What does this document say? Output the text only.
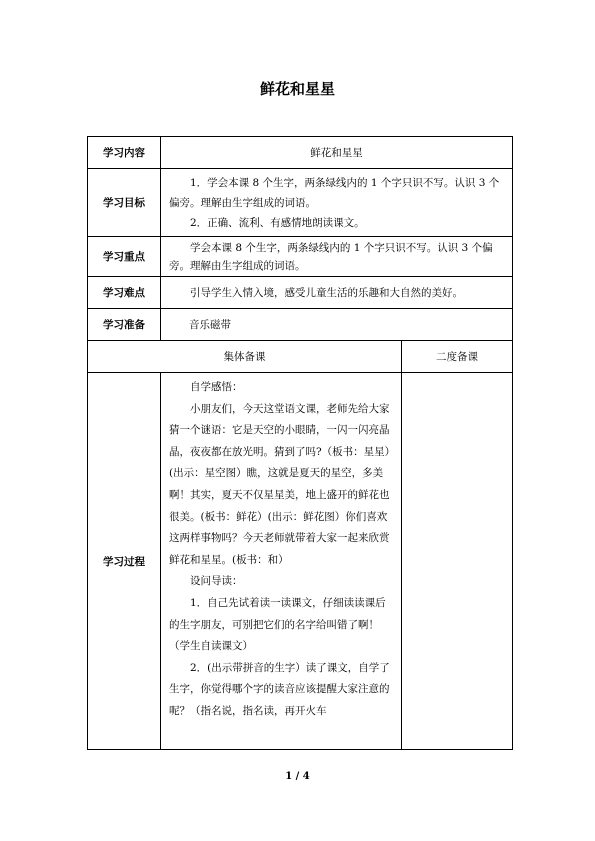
鲜花和星星
学习内容	鲜花和星星	
学习目标	1．学会本课 8 个生字，两条绿线内的 1 个字只识不写。认识 3 个偏旁。理解由生字组成的词语。

2．正确、流利、有感情地朗读课文。	

学习重点	学会本课 8 个生字，两条绿线内的 1 个字只识不写。认识 3 个偏旁。理解由生字组成的词语。	

学习难点	引导学生入情入境，感受儿童生活的乐趣和大自然的美好。	

学习准备	音乐磁带	

集体备课		二度备课
学习过程	自学感悟：

小朋友们，今天这堂语文课，老师先给大家猜一个谜语：它是天空的小眼睛，一闪一闪亮晶晶，夜夜都在放光明。猜到了吗?（板书：星星）(出示：星空图）瞧，这就是夏天的星空，多美啊！其实，夏天不仅星星美，地上盛开的鲜花也很美。(板书：鲜花）(出示：鲜花图）你们喜欢这两样事物吗？今天老师就带着大家一起来欣赏鲜花和星星。(板书：和）

设问导读：

1．自己先试着读一读课文，仔细读读课后的生字朋友，可别把它们的名字给叫错了啊！（学生自读课文）

2．(出示带拼音的生字）读了课文，自学了生字，你觉得哪个字的读音应该提醒大家注意的呢？（指名说，指名读，再开火车	

1 / 4
